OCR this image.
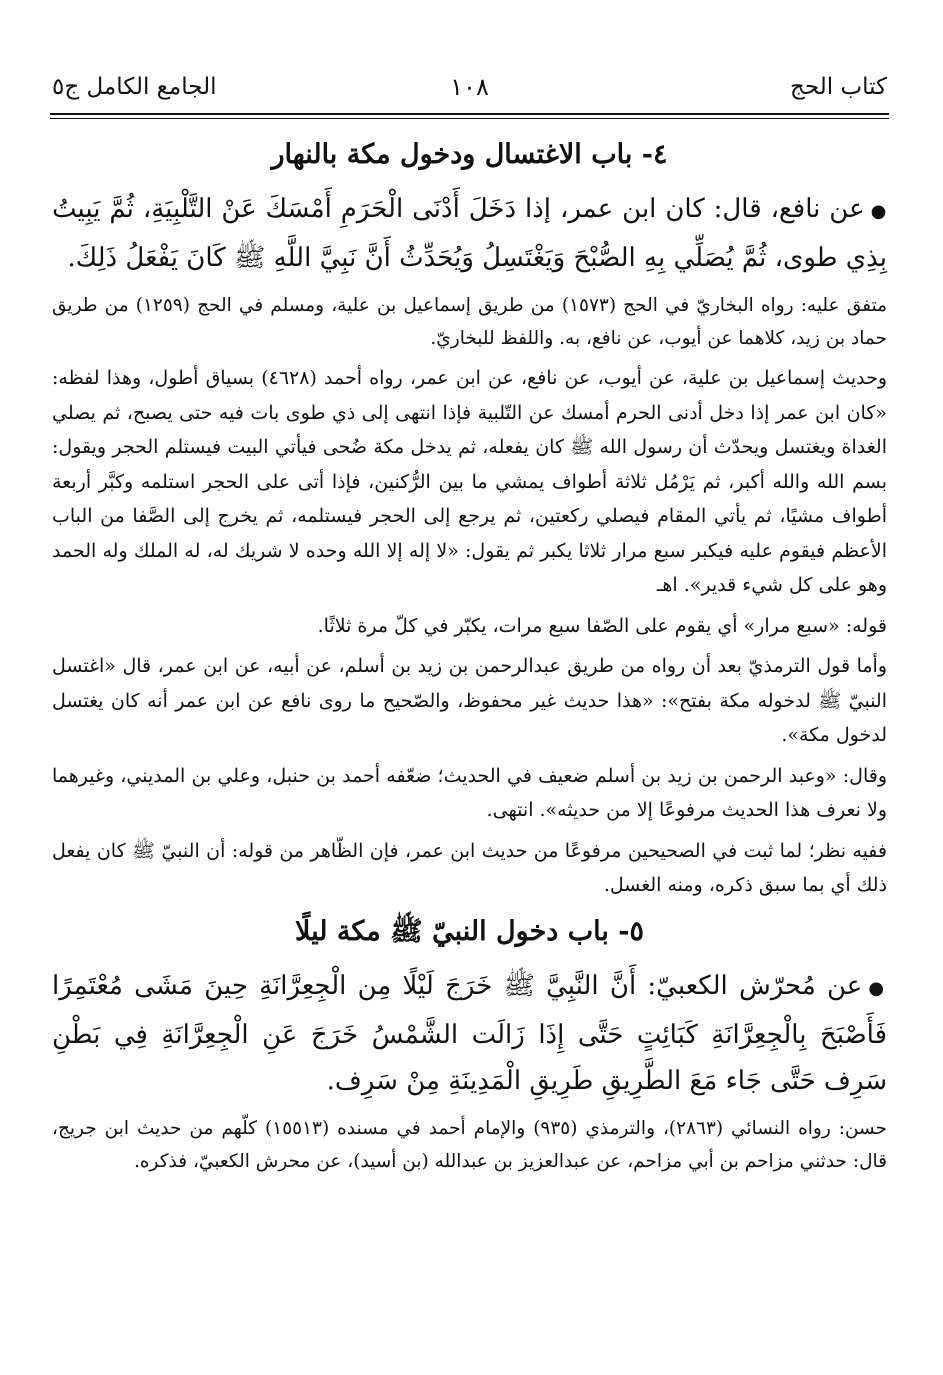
كتاب الحج
١٠٨
الجامع الكامل ج٥
٤- باب الاغتسال ودخول مكة بالنهار

●عن نافع، قال: كان ابن عمر، إذا دَخَلَ أَدْنَى الْحَرَمِ أَمْسَكَ عَنْ التَّلْبِيَةِ، ثُمَّ يَبِيتُ بِذِي طوى، ثُمَّ يُصَلِّي بِهِ الصُّبْحَ وَيَغْتَسِلُ وَيُحَدِّثُ أَنَّ نَبِيَّ اللَّهِ ﷺ كَانَ يَفْعَلُ ذَلِكَ.

متفق عليه: رواه البخاريّ في الحج (١٥٧٣) من طريق إسماعيل بن علية، ومسلم في الحج (١٢٥٩) من طريق حماد بن زيد، كلاهما عن أيوب، عن نافع، به. واللفظ للبخاريّ.

وحديث إسماعيل بن علية، عن أيوب، عن نافع، عن ابن عمر، رواه أحمد (٤٦٢٨) بسياق أطول، وهذا لفظه: «كان ابن عمر إذا دخل أدنى الحرم أمسك عن التّلبية فإذا انتهى إلى ذي طوى بات فيه حتى يصبح، ثم يصلي الغداة ويغتسل ويحدّث أن رسول الله ﷺ كان يفعله، ثم يدخل مكة ضُحى فيأتي البيت فيستلم الحجر ويقول: بسم الله والله أكبر، ثم يَرْمُل ثلاثة أطواف يمشي ما بين الرُّكنين، فإذا أتى على الحجر استلمه وكبَّر أربعة أطواف مشيًا، ثم يأتي المقام فيصلي ركعتين، ثم يرجع إلى الحجر فيستلمه، ثم يخرج إلى الصَّفا من الباب الأعظم فيقوم عليه فيكبر سبع مرار ثلاثا يكبر ثم يقول: «لا إله إلا الله وحده لا شريك له، له الملك وله الحمد وهو على كل شيء قدير». اهـ

قوله: «سبع مرار» أي يقوم على الصّفا سبع مرات، يكبّر في كلّ مرة ثلاثًا.

وأما قول الترمذيّ بعد أن رواه من طريق عبدالرحمن بن زيد بن أسلم، عن أبيه، عن ابن عمر، قال «اغتسل النبيّ ﷺ لدخوله مكة بفتح»: «هذا حديث غير محفوظ، والصّحيح ما روى نافع عن ابن عمر أنه كان يغتسل لدخول مكة».

وقال: «وعبد الرحمن بن زيد بن أسلم ضعيف في الحديث؛ ضعّفه أحمد بن حنبل، وعلي بن المديني، وغيرهما ولا نعرف هذا الحديث مرفوعًا إلا من حديثه». انتهى.

ففيه نظر؛ لما ثبت في الصحيحين مرفوعًا من حديث ابن عمر، فإن الظّاهر من قوله: أن النبيّ ﷺ كان يفعل ذلك أي بما سبق ذكره، ومنه الغسل.

٥- باب دخول النبيّ ﷺ مكة ليلًا

●عن مُحرّش الكعبيّ: أَنَّ النَّبِيَّ ﷺ خَرَجَ لَيْلًا مِن الْجِعِرَّانَةِ حِينَ مَشَى مُعْتَمِرًا فَأَصْبَحَ بِالْجِعِرَّانَةِ كَبَائِتٍ حَتَّى إِذَا زَالَت الشَّمْسُ خَرَجَ عَنِ الْجِعِرَّانَةِ فِي بَطْنِ سَرِف حَتَّى جَاء مَعَ الطَّرِيقِ طَرِيقِ الْمَدِينَةِ مِنْ سَرِف.

حسن: رواه النسائي (٢٨٦٣)، والترمذي (٩٣٥) والإمام أحمد في مسنده (١٥٥١٣) كلّهم من حديث ابن جريج، قال: حدثني مزاحم بن أبي مزاحم، عن عبدالعزيز بن عبدالله (بن أسيد)، عن محرش الكعبيّ، فذكره.
